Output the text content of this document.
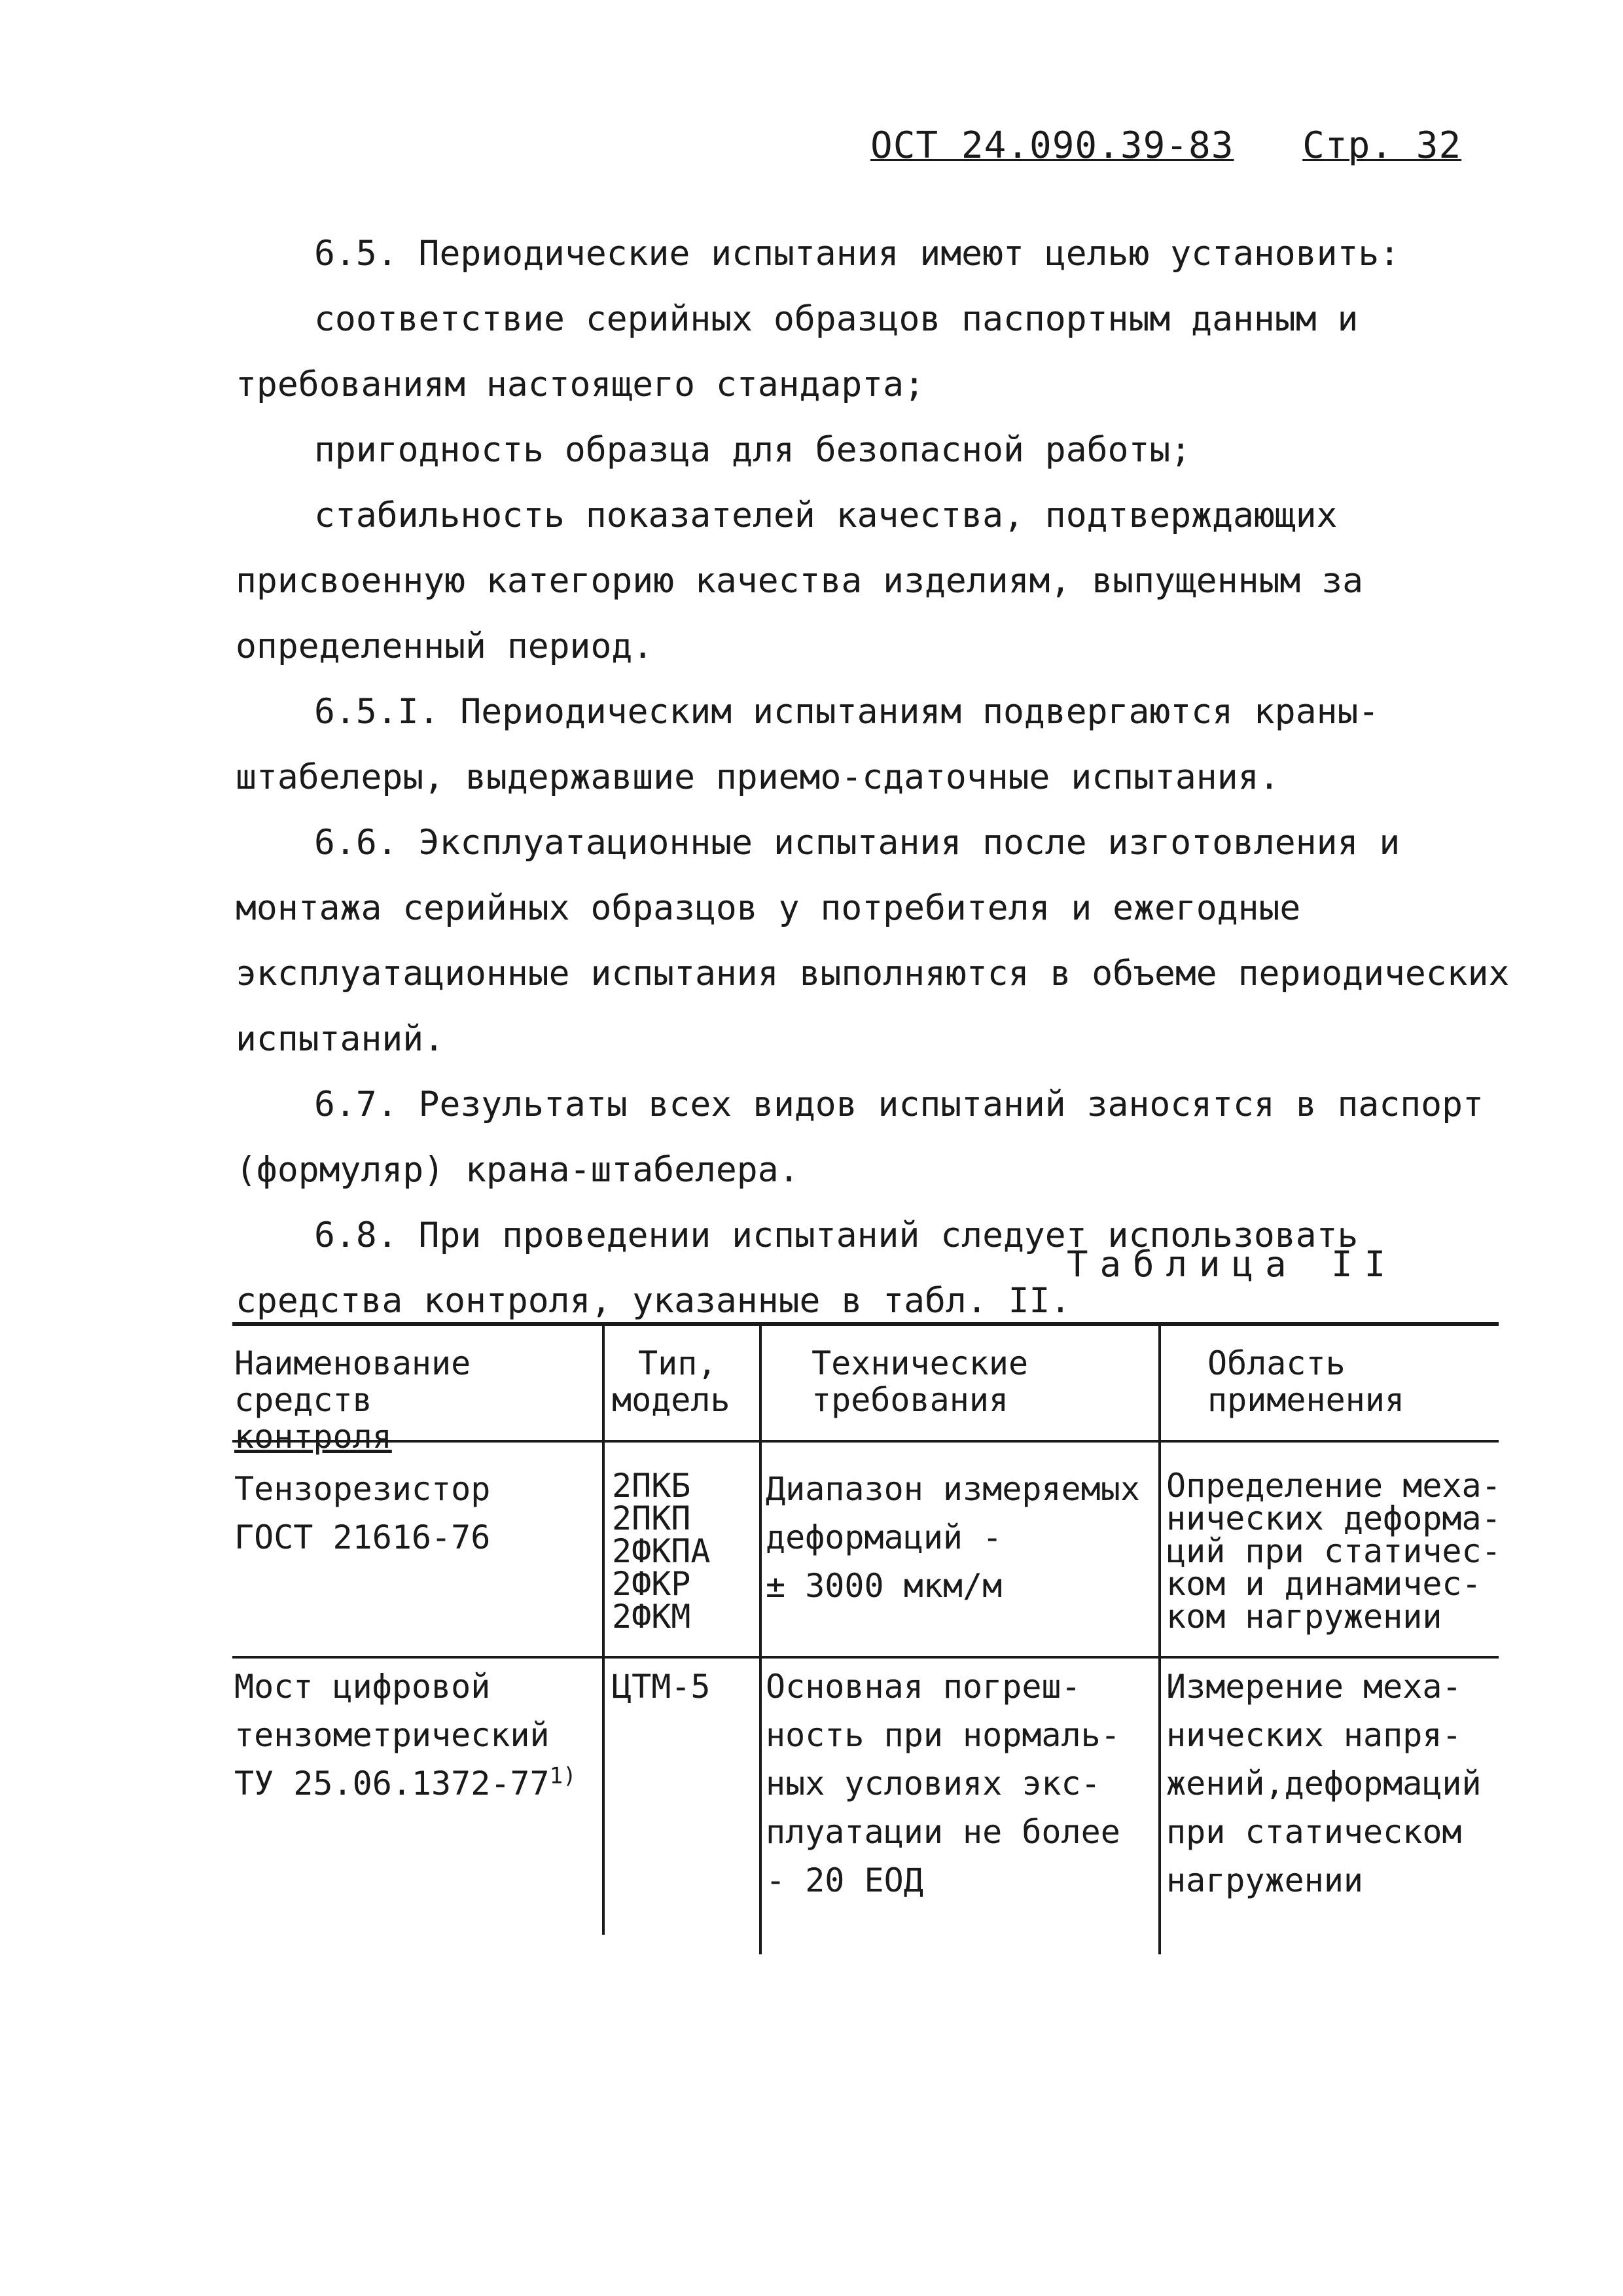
ОСТ 24.090.39-83 Стр. 32

6.5. Периодические испытания имеют целью установить:

соответствие серийных образцов паспортным данным и требованиям настоящего стандарта;

пригодность образца для безопасной работы;

стабильность показателей качества, подтверждающих присвоенную категорию качества изделиям, выпущенным за определенный период.

6.5.I. Периодическим испытаниям подвергаются краны-штабелеры, выдержавшие приемо-сдаточные испытания.

6.6. Эксплуатационные испытания после изготовления и монтажа серийных образцов у потребителя и ежегодные эксплуатационные испытания выполняются в объеме периодических испытаний.

6.7. Результаты всех видов испытаний заносятся в паспорт (формуляр) крана-штабелера.

6.8. При проведении испытаний следует использовать средства контроля, указанные в табл. II.

Таблица II
Наименование
средств
контроля
Тип,
модель
Технические
требования
Область
применения
Тензорезистор
ГОСТ 21616-76
2ПКБ
2ПКП
2ФКПА
2ФКР
2ФКМ
Диапазон измеряемых
деформаций -
± 3000 мкм/м
Определение меха-
нических деформа-
ций при статичес-
ком и динамичес-
ком нагружении
Мост цифровой
тензометрический
ТУ 25.06.1372-77$^{1)}$
ЦТМ-5 Основная погреш-
ность при нормаль-
ных условиях экс-
плуатации не более
- 20 ЕОД
Измерение меха-
нических напря-
жений,деформаций
при статическом
нагружении
